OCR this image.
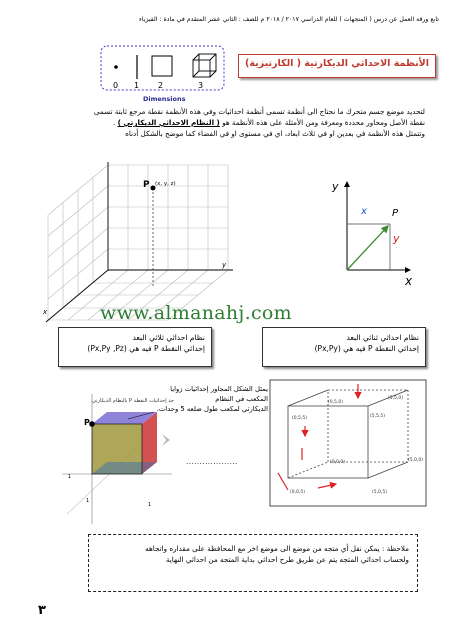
تابع ورقة العمل عن درس ( المتجهات ) للعام الدراسي ٢٠١٧ / ٢٠١٨ م للصف : الثاني عشر المتقدم في مادة : الفيزياء
0 1 2	3
Dimensions
الأنظمة الاحداثي الديكارتية ( الكارتيزية)
لتحديد موضع جسم متحرك ما نحتاج الى أنظمة تسمى أنظمة احداثيات وفي هذه الأنظمة نقطة مرجع ثابتة تسمى
نقطة الأصل ومحاور محددة ومعرفة ومن الأمثلة على هذه الأنظمة هو ( النظام الاحداثي الديكارتي ) .
وتتمثل هذه الأنظمة في بعدين او في ثلاث ابعاد، اي في مستوى او في الفضاء كما موضح بالشكل أدناه
P (x, y, z)
y
x
y
x
x
y
P
www.almanahj.com
نظام احداثي ثلاثي البعد
إحداثي النقطة P فيه هي (Px,Py ,Pz)
نظام احداثي ثنائي البعد
إحداثي النقطة P فيه هي (Px,Py)
يمثل الشكل المجاور إحداثيات زوايا المكعب في النظام
الديكارتي لمكعب طول ضلعه 5 وحدات.
جد إحداثيات النقطة P بالنظام الديكارتي
P
1
1
1
...................
(0,5,0)
(5,5,0)
(0,5,5)	(5,5,5)
(0,0,0)	(5,0,0)
(0,0,5)	(5,0,5)
ملاحظة : يمكن نقل أي متجه من موضع الى موضع اخر مع المحافظة على مقداره واتجاهه
ولحساب احداثي المتجه يتم عن طريق طرح احداثي بداية المتجه من احداثي النهاية
٣
